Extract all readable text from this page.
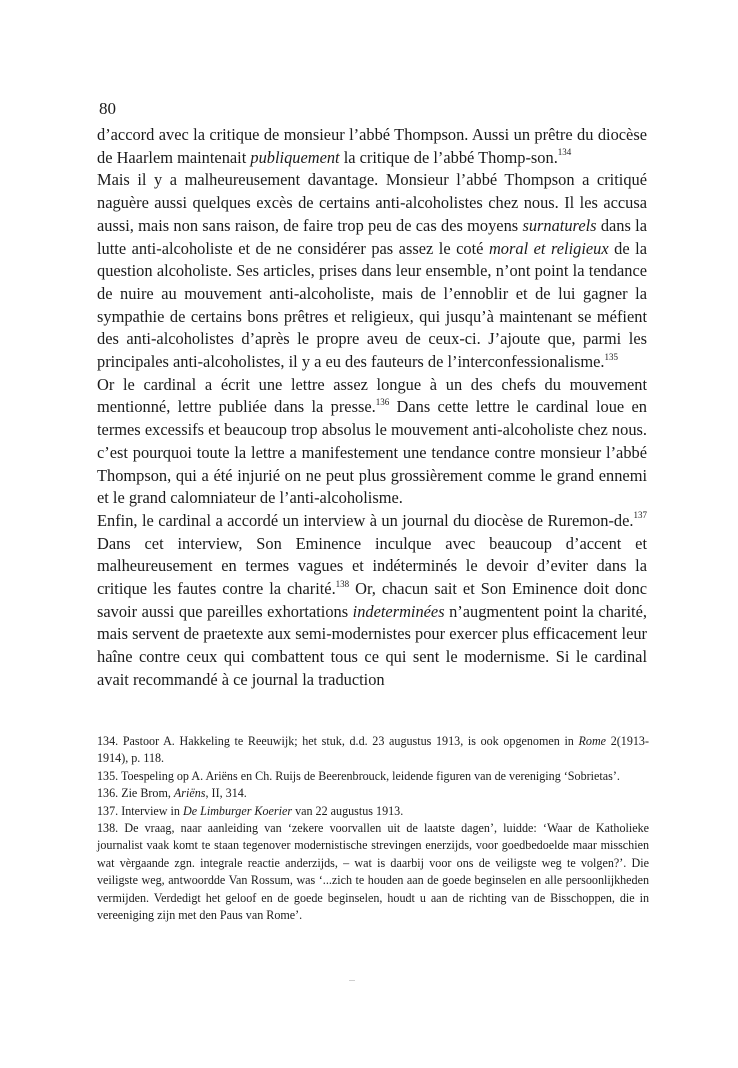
80

d’accord avec la critique de monsieur l’abbé Thompson. Aussi un prêtre du diocèse de Haarlem maintenait publiquement la critique de l’abbé Thomp-son.$^{134}$

Mais il y a malheureusement davantage. Monsieur l’abbé Thompson a critiqué naguère aussi quelques excès de certains anti-alcoholistes chez nous. Il les accusa aussi, mais non sans raison, de faire trop peu de cas des moyens surnaturels dans la lutte anti-alcoholiste et de ne considérer pas assez le coté moral et religieux de la question alcoholiste. Ses articles, prises dans leur ensemble, n’ont point la tendance de nuire au mouvement anti-alcoholiste, mais de l’ennoblir et de lui gagner la sympathie de certains bons prêtres et religieux, qui jusqu’à maintenant se méfient des anti-alcoholistes d’après le propre aveu de ceux-ci. J’ajoute que, parmi les principales anti-alcoholistes, il y a eu des fauteurs de l’interconfessionalisme.$^{135}$

Or le cardinal a écrit une lettre assez longue à un des chefs du mouvement mentionné, lettre publiée dans la presse.$^{136}$ Dans cette lettre le cardinal loue en termes excessifs et beaucoup trop absolus le mouvement anti-alcoholiste chez nous. c’est pourquoi toute la lettre a manifestement une tendance contre monsieur l’abbé Thompson, qui a été injurié on ne peut plus grossièrement comme le grand ennemi et le grand calomniateur de l’anti-alcoholisme.

Enfin, le cardinal a accordé un interview à un journal du diocèse de Ruremon-de.$^{137}$ Dans cet interview, Son Eminence inculque avec beaucoup d’accent et malheureusement en termes vagues et indéterminés le devoir d’eviter dans la critique les fautes contre la charité.$^{138}$ Or, chacun sait et Son Eminence doit donc savoir aussi que pareilles exhortations indeterminées n’augmentent point la charité, mais servent de praetexte aux semi-modernistes pour exercer plus efficacement leur haîne contre ceux qui combattent tous ce qui sent le modernisme. Si le cardinal avait recommandé à ce journal la traduction

134. Pastoor A. Hakkeling te Reeuwijk; het stuk, d.d. 23 augustus 1913, is ook opgenomen in Rome 2(1913-1914), p. 118.

135. Toespeling op A. Ariëns en Ch. Ruijs de Beerenbrouck, leidende figuren van de vereniging ‘Sobrietas’.

136. Zie Brom, Ariëns, II, 314.

137. Interview in De Limburger Koerier van 22 augustus 1913.

138. De vraag, naar aanleiding van ‘zekere voorvallen uit de laatste dagen’, luidde: ‘Waar de Katholieke journalist vaak komt te staan tegenover modernistische strevingen enerzijds, voor goedbedoelde maar misschien wat vèrgaande zgn. integrale reactie anderzijds, – wat is daarbij voor ons de veiligste weg te volgen?’. Die veiligste weg, antwoordde Van Rossum, was ‘...zich te houden aan de goede beginselen en alle persoonlijkheden vermijden. Verdedigt het geloof en de goede beginselen, houdt u aan de richting van de Bisschoppen, die in vereeniging zijn met den Paus van Rome’.
